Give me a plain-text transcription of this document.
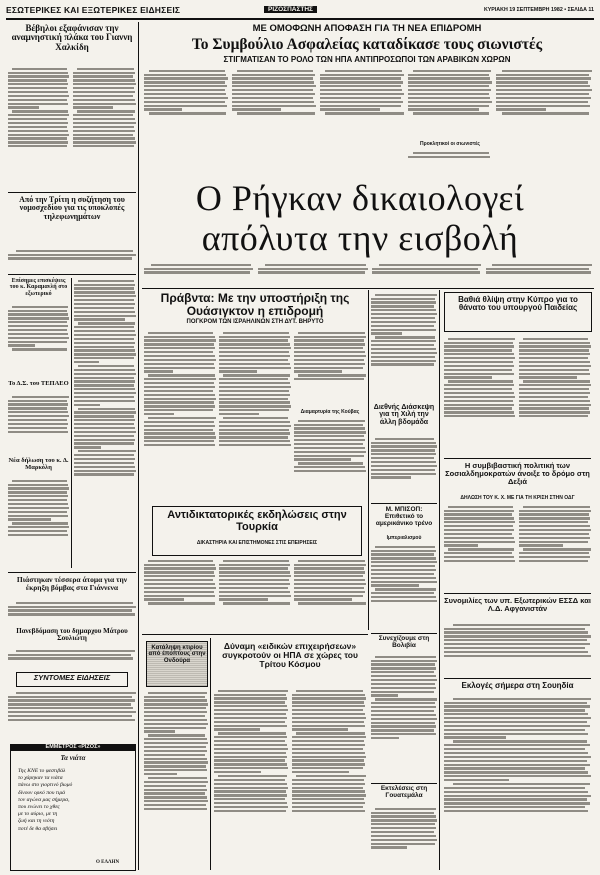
ΕΣΩΤΕΡΙΚΕΣ ΚΑΙ ΕΞΩΤΕΡΙΚΕΣ ΕΙΔΗΣΕΙΣ	ΡΙΖΟΣΠΑΣΤΗΣ	ΚΥΡΙΑΚΗ 19 ΣΕΠΤΕΜΒΡΗ 1982 • ΣΕΛΙΔΑ 11
Βέβηλοι εξαφάνισαν την αναμνηστική πλάκα του Γιαννη Χαλκίδη
Από την Τρίτη η συζήτηση του νομοσχεδίου για τις υποκλοπές τηλεφωνημάτων
Επίσημες επισκέψεις του κ. Καραμανλή στο εξωτερικό
Το Δ.Σ. του ΤΕΠΑΕΟ
Νέα δήλωση του κ. Δ. Μαρκόλη
Πιάστηκαν τέσσερα άτομα για την έκρηξη βόμβας στα Γιάννενα
Πανεβδόμαση του δημαρχου Μάτρου Σουλιώτη
ΣΥΝΤΟΜΕΣ ΕΙΔΗΣΕΙΣ
ΕΜΜΕΤΡΟΣ «ΡΙΖΟΣ»
Τα νιάτα
Της ΚΝΕ το φεστιβάλ
το χάρηκαν τα νιάτα
πάνω στο γιορτινό βωμό
δίνουν ορκό που τιμά
τον αγώνα μας σήμερα,
που ενώνει το χθες
με το αύριο, με τη
ζωή και τη νιότη
ποτέ δε θα σβήσει
Ο ΕΛΛΗΝ
ΜΕ ΟΜΟΦΩΝΗ ΑΠΟΦΑΣΗ ΓΙΑ ΤΗ ΝΕΑ ΕΠΙΔΡΟΜΗ
Το Συμβούλιο Ασφαλείας καταδίκασε τους σιωνιστές
ΣΤΙΓΜΑΤΙΣΑΝ ΤΟ ΡΟΛΟ ΤΩΝ ΗΠΑ ΑΝΤΙΠΡΟΣΩΠΟΙ ΤΩΝ ΑΡΑΒΙΚΩΝ ΧΩΡΩΝ
Προκλητικοί οι σιωνιστές
Ο Ρήγκαν δικαιολογεί απόλυτα την εισβολή
Πράβντα: Με την υποστήριξη της Ουάσιγκτον η επιδρομή
ΠΟΓΚΡΟΜ ΤΩΝ ΙΣΡΑΗΛΙΝΩΝ ΣΤΗ ΔΥΤ. ΒΗΡΥΤΟ
Διαμαρτυρία της Κούβας
Διεθνής Διάσκεψη για τη Χιλή την άλλη βδομάδα
Μ. ΜΠΙΣΟΠ: Επιθετικό το αμερικάνικο τρένο
Ιμπεριαλισμού
Συνεχίζουμε στη Βολιβία
Εκτελέσεις στη Γουατεμάλα
Βαθιά θλίψη στην Κύπρο για το θάνατο του υπουργού Παιδείας
Η συμβιβαστική πολιτική των Σοσιαλδημοκρατών άνοιξε το δρόμο στη Δεξιά
ΔΗΛΩΣΗ ΤΟΥ Κ. Χ. ΜΕ ΓΙΑ ΤΗ ΚΡΙΣΗ ΣΤΗΝ ΟΔΓ
Συνομιλίες των υπ. Εξωτερικών ΕΣΣΔ και Λ.Δ. Αφγανιστάν
Εκλογές σήμερα στη Σουηδία
Αντιδικτατορικές εκδηλώσεις στην Τουρκία
ΔΙΚΑΣΤΗΡΙΑ ΚΑΙ ΕΠΙΣΤΗΜΟΝΕΣ ΣΤΙΣ ΕΠΕΙΡΗΣΕΙΣ
Κατάληψη κτιρίου από έποπτους στην Ονδούρα
Δύναμη «ειδικών επιχειρήσεων» συγκροτούν οι ΗΠΑ σε χώρες του Τρίτου Κόσμου
